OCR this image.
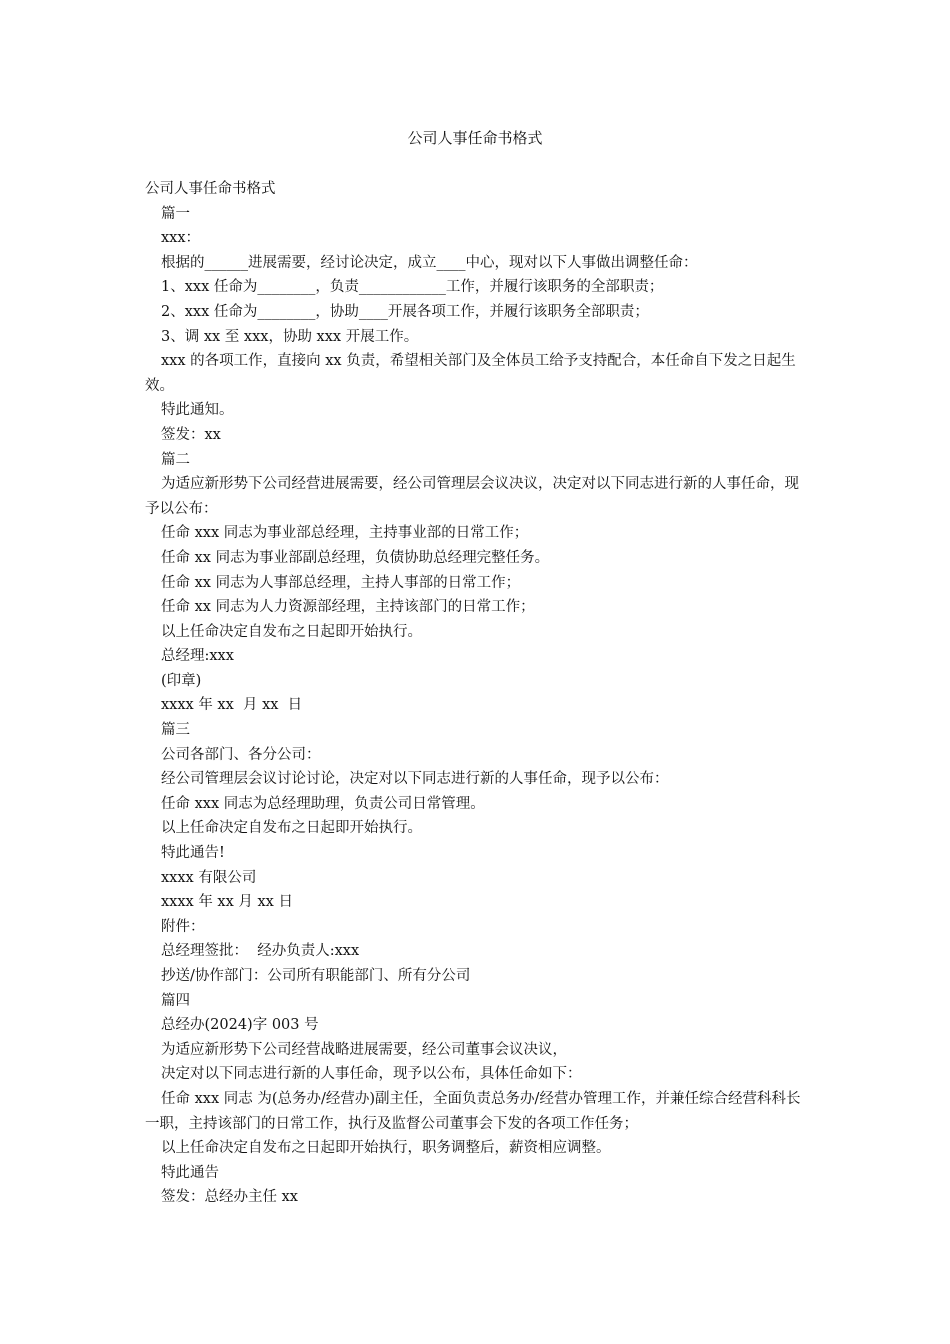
公司人事任命书格式

公司人事任命书格式

篇一

xxx：

根据的______进展需要，经讨论决定，成立____中心，现对以下人事做出调整任命：

1、xxx 任命为________，负责____________工作，并履行该职务的全部职责；

2、xxx 任命为________，协助____开展各项工作，并履行该职务全部职责；

3、调 xx 至 xxx，协助 xxx 开展工作。

xxx 的各项工作，直接向 xx 负责，希望相关部门及全体员工给予支持配合，本任命自下发之日起生效。

特此通知。

签发：xx

篇二

为适应新形势下公司经营进展需要，经公司管理层会议决议，决定对以下同志进行新的人事任命，现予以公布：

任命 xxx 同志为事业部总经理，主持事业部的日常工作；

任命 xx 同志为事业部副总经理，负债协助总经理完整任务。

任命 xx 同志为人事部总经理，主持人事部的日常工作；

任命 xx 同志为人力资源部经理，主持该部门的日常工作；

以上任命决定自发布之日起即开始执行。

总经理:xxx

(印章)

xxxx 年 xx  月 xx  日

篇三

公司各部门、各分公司：

经公司管理层会议讨论讨论，决定对以下同志进行新的人事任命，现予以公布：

任命 xxx 同志为总经理助理，负责公司日常管理。

以上任命决定自发布之日起即开始执行。

特此通告!

xxxx 有限公司

xxxx 年 xx 月 xx 日

附件：

总经理签批：  经办负责人:xxx

抄送/协作部门：公司所有职能部门、所有分公司

篇四

总经办(2024)字 003 号

为适应新形势下公司经营战略进展需要，经公司董事会议决议，

决定对以下同志进行新的人事任命，现予以公布，具体任命如下：

任命 xxx 同志 为(总务办/经营办)副主任，全面负责总务办/经营办管理工作，并兼任综合经营科科长一职，主持该部门的日常工作，执行及监督公司董事会下发的各项工作任务；

以上任命决定自发布之日起即开始执行，职务调整后，薪资相应调整。

特此通告

签发：总经办主任 xx
